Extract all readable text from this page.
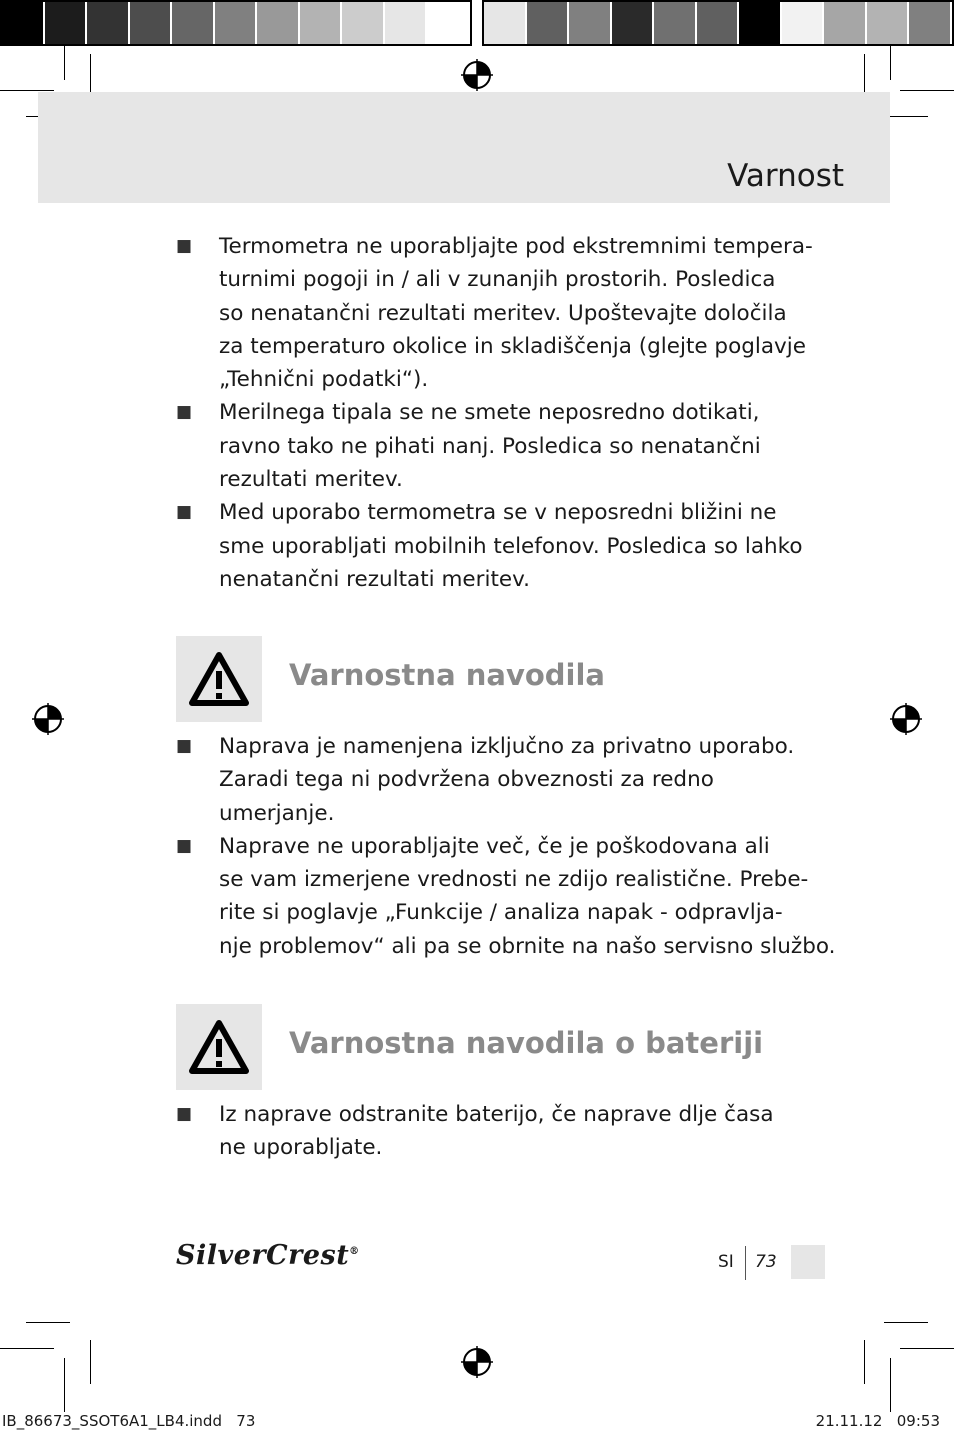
Varnost
■ Termometra ne uporabljajte pod ekstremnimi tempera-
turnimi pogoji in / ali v zunanjih prostorih. Posledica
so nenatančni rezultati meritev. Upoštevajte določila
za temperaturo okolice in skladiščenja (glejte poglavje
„Tehnični podatki“).
■ Merilnega tipala se ne smete neposredno dotikati,
ravno tako ne pihati nanj. Posledica so nenatančni
rezultati meritev.
■ Med uporabo termometra se v neposredni bližini ne
sme uporabljati mobilnih telefonov. Posledica so lahko
nenatančni rezultati meritev.
Varnostna navodila
■ Naprava je namenjena izključno za privatno uporabo.
Zaradi tega ni podvržena obveznosti za redno
umerjanje.
■ Naprave ne uporabljajte več, če je poškodovana ali
se vam izmerjene vrednosti ne zdijo realistične. Prebe-
rite si poglavje „Funkcije / analiza napak - odpravlja-
nje problemov“ ali pa se obrnite na našo servisno službo.
Varnostna navodila o bateriji
■ Iz naprave odstranite baterijo, če naprave dlje časa
ne uporabljate.
SilverCrest®
SI 73
IB_86673_SSOT6A1_LB4.indd   73	21.11.12   09:53
